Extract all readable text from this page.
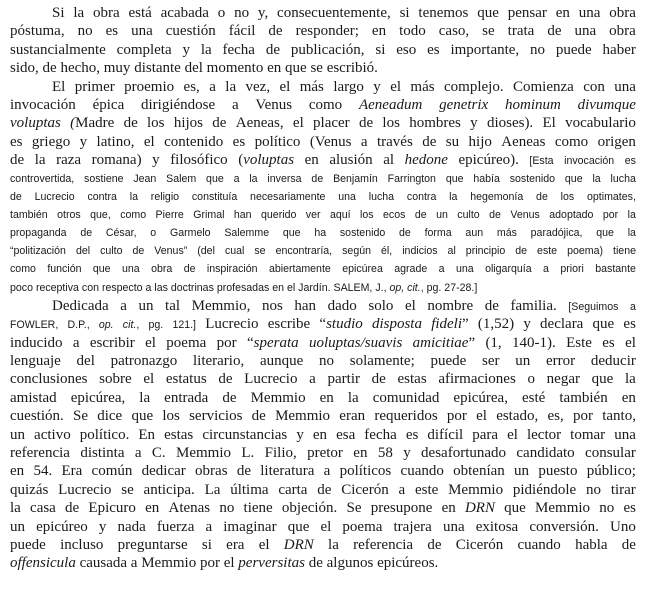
Si la obra está acabada o no y, consecuentemente, si tenemos que pensar en una obra
póstuma, no es una cuestión fácil de responder; en todo caso, se trata de una obra
sustancialmente completa y la fecha de publicación, si eso es importante, no puede haber
sido, de hecho, muy distante del momento en que se escribió.
El primer proemio es, a la vez, el más largo y el más complejo. Comienza con una
invocación épica dirigiéndose a Venus como Aeneadum genetrix hominum divumque
voluptas (Madre de los hijos de Aeneas, el placer de los hombres y dioses). El vocabulario
es griego y latino, el contenido es político (Venus a través de su hijo Aeneas como origen
de la raza romana) y filosófico (voluptas en alusión al hedone epicúreo). [Esta invocación es
controvertida, sostiene Jean Salem que a la inversa de Benjamín Farrington que había sostenido que la lucha
de Lucrecio contra la religio constituía necesariamente una lucha contra la hegemonía de los optimates,
también otros que, como Pierre Grimal han querido ver aquí los ecos de un culto de Venus adoptado por la
propaganda de César, o Garmelo Salemme que ha sostenido de forma aun más paradójica, que la
“politización del culto de Venus” (del cual se encontraría, según él, indicios al principio de este poema) tiene
como función que una obra de inspiración abiertamente epicúrea agrade a una oligarquía a priori bastante
poco receptiva con respecto a las doctrinas profesadas en el Jardín. SALEM, J., op, cit., pg. 27-28.]
Dedicada a un tal Memmio, nos han dado solo el nombre de familia. [Seguimos a
FOWLER, D.P., op. cit., pg. 121.] Lucrecio escribe “studio disposta fideli” (1,52) y declara que es
inducido a escribir el poema por “sperata uoluptas/suavis amicitiae” (1, 140-1). Este es el
lenguaje del patronazgo literario, aunque no solamente; puede ser un error deducir
conclusiones sobre el estatus de Lucrecio a partir de estas afirmaciones o negar que la
amistad epicúrea, la entrada de Memmio en la comunidad epicúrea, esté también en
cuestión. Se dice que los servicios de Memmio eran requeridos por el estado, es, por tanto,
un activo político. En estas circunstancias y en esa fecha es difícil para el lector tomar una
referencia distinta a C. Memmio L. Filio, pretor en 58 y desafortunado candidato consular
en 54. Era común dedicar obras de literatura a políticos cuando obtenían un puesto público;
quizás Lucrecio se anticipa. La última carta de Cicerón a este Memmio pidiéndole no tirar
la casa de Epicuro en Atenas no tiene objeción. Se presupone en DRN que Memmio no es
un epicúreo y nada fuerza a imaginar que el poema trajera una exitosa conversión. Uno
puede incluso preguntarse si era el DRN la referencia de Cicerón cuando habla de
offensicula causada a Memmio por el perversitas de algunos epicúreos.
